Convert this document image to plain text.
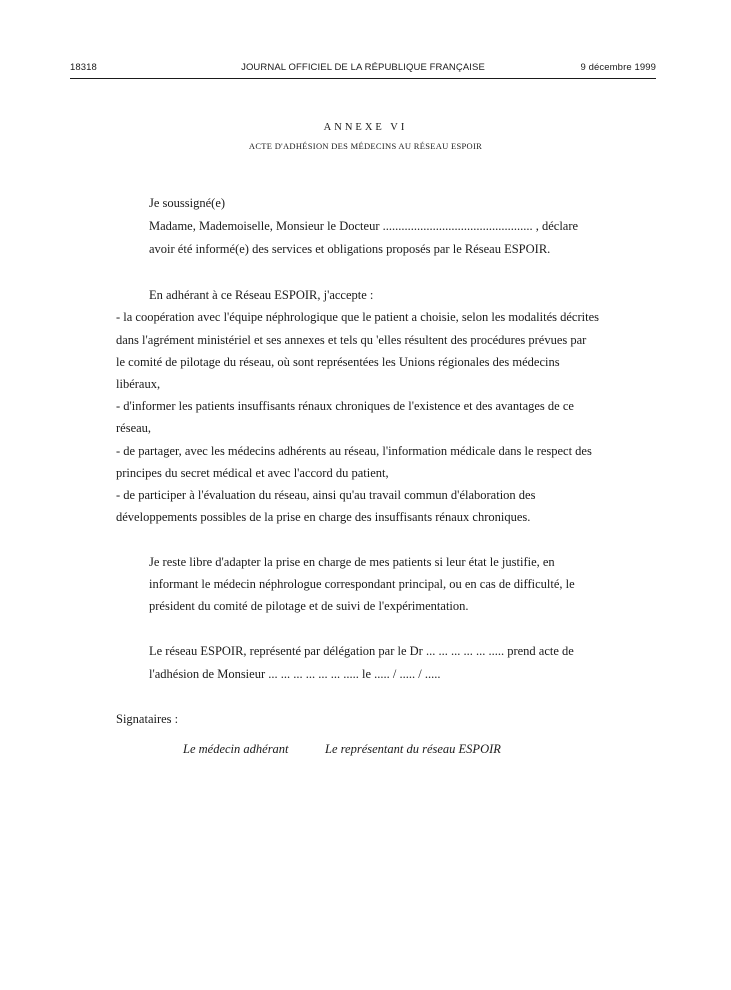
18318	JOURNAL OFFICIEL DE LA RÉPUBLIQUE FRANÇAISE	9 décembre 1999
ANNEXE VI
ACTE D'ADHÉSION DES MÉDECINS AU RÉSEAU ESPOIR
Je soussigné(e)
Madame, Mademoiselle, Monsieur le Docteur ................................................ , déclare
avoir été informé(e) des services et obligations proposés par le Réseau ESPOIR.
En adhérant à ce Réseau ESPOIR, j'accepte :
- la coopération avec l'équipe néphrologique que le patient a choisie, selon les modalités décrites
dans l'agrément ministériel et ses annexes et tels qu 'elles résultent des procédures prévues par
le comité de pilotage du réseau, où sont représentées les Unions régionales des médecins
libéraux,
- d'informer les patients insuffisants rénaux chroniques de l'existence et des avantages de ce
réseau,
- de partager, avec les médecins adhérents au réseau, l'information médicale dans le respect des
principes du secret médical et avec l'accord du patient,
- de participer à l'évaluation du réseau, ainsi qu'au travail commun d'élaboration des
développements possibles de la prise en charge des insuffisants rénaux chroniques.
Je reste libre d'adapter la prise en charge de mes patients si leur état le justifie, en
informant le médecin néphrologue correspondant principal, ou en cas de difficulté, le
président du comité de pilotage et de suivi de l'expérimentation.
Le réseau ESPOIR, représenté par délégation par le Dr ... ... ... ... ... ..... prend acte de
l'adhésion de Monsieur ... ... ... ... ... ... ..... le ..... / ..... / .....
Signataires :
Le médecin adhérant	Le représentant du réseau ESPOIR
